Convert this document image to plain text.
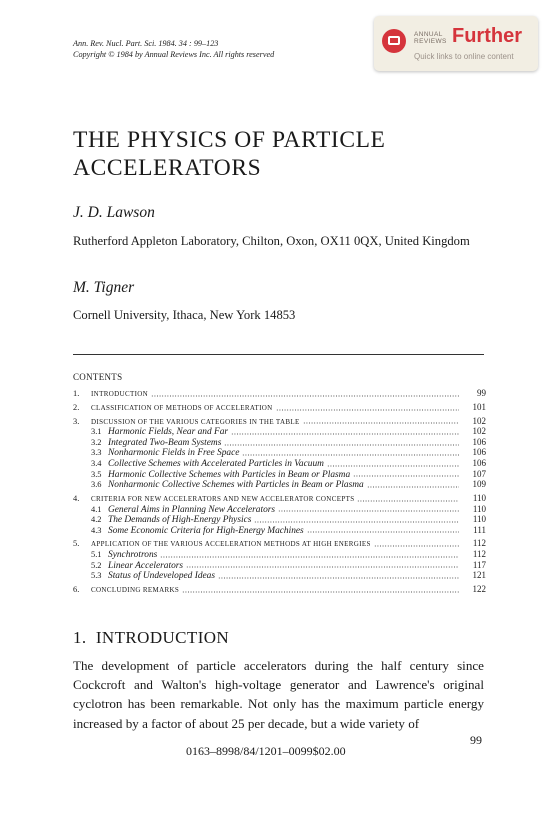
Ann. Rev. Nucl. Part. Sci. 1984. 34 : 99–123
Copyright © 1984 by Annual Reviews Inc. All rights reserved
ANNUAL REVIEWS Further
Quick links to online content
THE PHYSICS OF PARTICLE ACCELERATORS
J. D. Lawson
Rutherford Appleton Laboratory, Chilton, Oxon, OX11 0QX, United Kingdom
M. Tigner
Cornell University, Ithaca, New York 14853
CONTENTS
1.	INTRODUCTION	99
2.	CLASSIFICATION OF METHODS OF ACCELERATION	101
3.	DISCUSSION OF THE VARIOUS CATEGORIES IN THE TABLE	102
3.1 Harmonic Fields, Near and Far	102
3.2 Integrated Two-Beam Systems	106
3.3 Nonharmonic Fields in Free Space	106
3.4 Collective Schemes with Accelerated Particles in Vacuum	106
3.5 Harmonic Collective Schemes with Particles in Beam or Plasma	107
3.6 Nonharmonic Collective Schemes with Particles in Beam or Plasma	109
4.	CRITERIA FOR NEW ACCELERATORS AND NEW ACCELERATOR CONCEPTS	110
4.1 General Aims in Planning New Accelerators	110
4.2 The Demands of High-Energy Physics	110
4.3 Some Economic Criteria for High-Energy Machines	111
5.	APPLICATION OF THE VARIOUS ACCELERATION METHODS AT HIGH ENERGIES	112
5.1 Synchrotrons	112
5.2 Linear Accelerators	117
5.3 Status of Undeveloped Ideas	121
6.	CONCLUDING REMARKS	122
1. INTRODUCTION
The development of particle accelerators during the half century since Cockcroft and Walton's high-voltage generator and Lawrence's original cyclotron has been remarkable. Not only has the maximum particle energy increased by a factor of about 25 per decade, but a wide variety of
99
0163–8998/84/1201–0099$02.00
